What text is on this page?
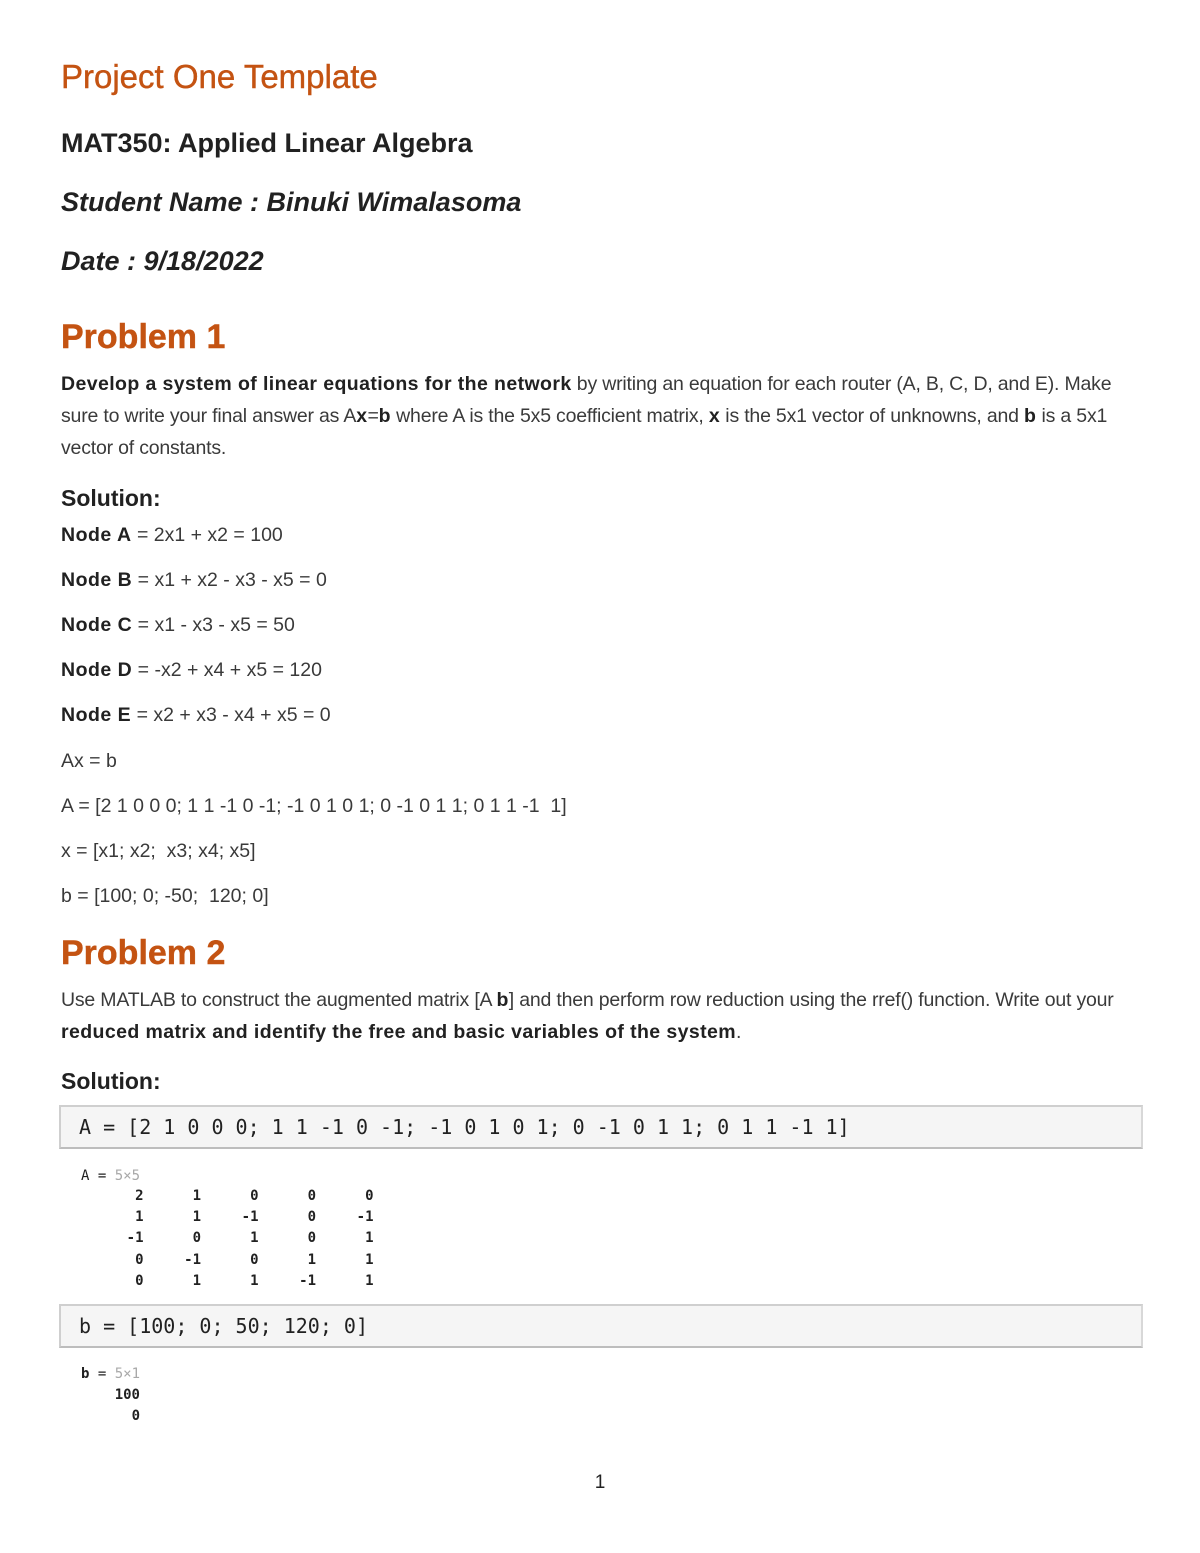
Project One Template
MAT350: Applied Linear Algebra
Student Name : Binuki Wimalasoma
Date : 9/18/2022
Problem 1

Develop a system of linear equations for the network by writing an equation for each router (A, B, C, D, and E). Make sure to write your final answer as Ax=b where A is the 5x5 coefficient matrix, x is the 5x1 vector of unknowns, and b is a 5x1 vector of constants.

Solution:

Node A = 2x1 + x2 = 100

Node B = x1 + x2 - x3 - x5 = 0

Node C = x1 - x3 - x5 = 50

Node D = -x2 + x4 + x5 = 120

Node E = x2 + x3 - x4 + x5 = 0

Ax = b

A = [2 1 0 0 0; 1 1 -1 0 -1; -1 0 1 0 1; 0 -1 0 1 1; 0 1 1 -1  1]

x = [x1; x2;  x3; x4; x5]

b = [100; 0; -50;  120; 0]

Problem 2

Use MATLAB to construct the augmented matrix [A b] and then perform row reduction using the rref() function. Write out your reduced matrix and identify the free and basic variables of the system.

Solution:
A = [2 1 0 0 0; 1 1 -1 0 -1; -1 0 1 0 1; 0 -1 0 1 1; 0 1 1 -1 1]
A = 5×5
2	1	0	0	0
1	1	-1	0	-1
-1	0	1	0	1
0	-1	0	1	1
0	1	1	-1	1
b = [100; 0; 50; 120; 0]
b = 5×1
100
0
1
